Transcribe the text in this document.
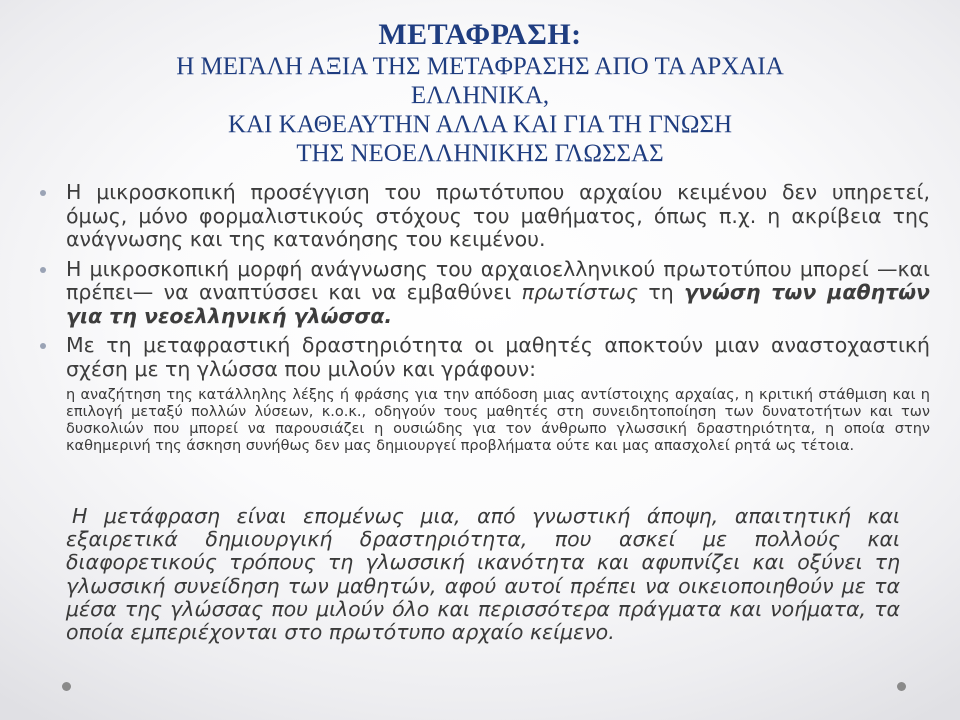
ΜΕΤΑΦΡΑΣΗ:
Η ΜΕΓΑΛΗ ΑΞΙΑ ΤΗΣ ΜΕΤΑΦΡΑΣΗΣ ΑΠΟ ΤΑ ΑΡΧΑΙΑ
ΕΛΛΗΝΙΚΑ,
ΚΑΙ ΚΑΘΕΑΥΤΗΝ ΑΛΛΑ ΚΑΙ ΓΙΑ ΤΗ ΓΝΩΣΗ
ΤΗΣ ΝΕΟΕΛΛΗΝΙΚΗΣ ΓΛΩΣΣΑΣ
Η μικροσκοπική προσέγγιση του πρωτότυπου αρχαίου κειμένου δεν υπηρετεί, όμως, μόνο φορμαλιστικούς στόχους του μαθήματος, όπως π.χ. η ακρίβεια της ανάγνωσης και της κατανόησης του κειμένου.
Η μικροσκοπική μορφή ανάγνωσης του αρχαιοελληνικού πρωτοτύπου μπορεί —και πρέπει— να αναπτύσσει και να εμβαθύνει πρωτίστως τη γνώση των μαθητών για τη νεοελληνική γλώσσα.
Με τη μεταφραστική δραστηριότητα οι μαθητές αποκτούν μιαν αναστοχαστική σχέση με τη γλώσσα που μιλούν και γράφουν:
η αναζήτηση της κατάλληλης λέξης ή φράσης για την απόδοση μιας αντίστοιχης αρχαίας, η κριτική στάθμιση και η επιλογή μεταξύ πολλών λύσεων, κ.ο.κ., οδηγούν τους μαθητές στη συνειδητοποίηση των δυνατοτήτων και των δυσκολιών που μπορεί να παρουσιάζει η ουσιώδης για τον άνθρωπο γλωσσική δραστηριότητα, η οποία στην καθημερινή της άσκηση συνήθως δεν μας δημιουργεί προβλήματα ούτε και μας απασχολεί ρητά ως τέτοια.
Η μετάφραση είναι επομένως μια, από γνωστική άποψη, απαιτητική και εξαιρετικά δημιουργική δραστηριότητα, που ασκεί με πολλούς και διαφορετικούς τρόπους τη γλωσσική ικανότητα και αφυπνίζει και οξύνει τη γλωσσική συνείδηση των μαθητών, αφού αυτοί πρέπει να οικειοποιηθούν με τα μέσα της γλώσσας που μιλούν όλο και περισσότερα πράγματα και νοήματα, τα οποία εμπεριέχονται στο πρωτότυπο αρχαίο κείμενο.
